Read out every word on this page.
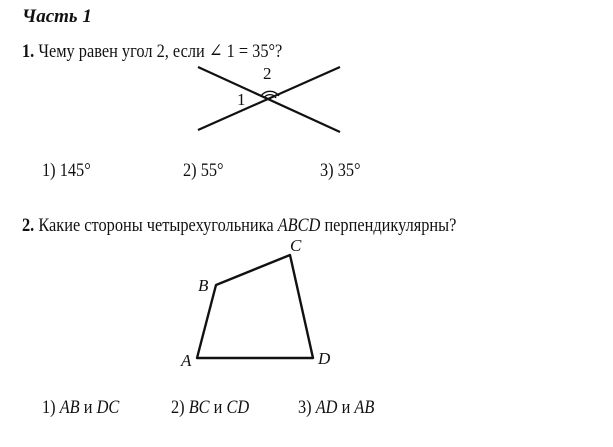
Часть 1
1. Чему равен угол 2, если ∠ 1 = 35°?
2
1
1) 145°	2) 55°	3) 35°
2. Какие стороны четырехугольника ABCD перпендикулярны?
A
B
C
D
1) AB и DC	2) BC и CD	3) AD и AB
